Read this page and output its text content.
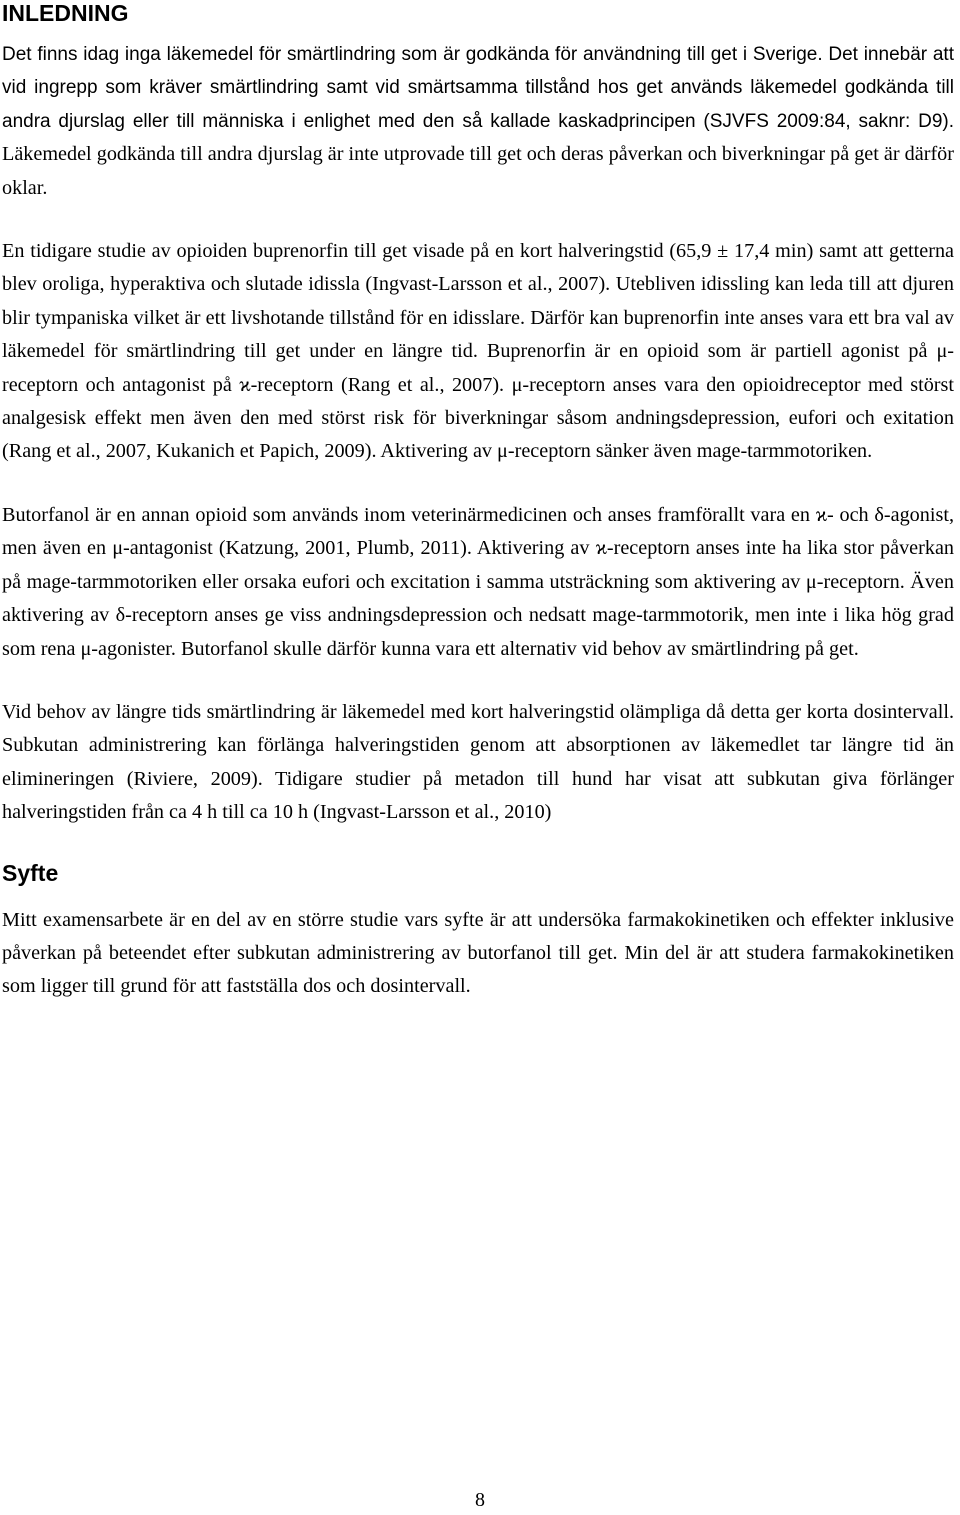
INLEDNING

Det finns idag inga läkemedel för smärtlindring som är godkända för användning till get i Sverige. Det innebär att vid ingrepp som kräver smärtlindring samt vid smärtsamma tillstånd hos get används läkemedel godkända till andra djurslag eller till människa i enlighet med den så kallade kaskadprincipen (SJVFS 2009:84, saknr: D9). Läkemedel godkända till andra djurslag är inte utprovade till get och deras påverkan och biverkningar på get är därför oklar.

En tidigare studie av opioiden buprenorfin till get visade på en kort halveringstid (65,9 ± 17,4 min) samt att getterna blev oroliga, hyperaktiva och slutade idissla (Ingvast-Larsson et al., 2007). Utebliven idissling kan leda till att djuren blir tympaniska vilket är ett livshotande tillstånd för en idisslare. Därför kan buprenorfin inte anses vara ett bra val av läkemedel för smärtlindring till get under en längre tid. Buprenorfin är en opioid som är partiell agonist på μ-receptorn och antagonist på ϰ-receptorn (Rang et al., 2007). μ-receptorn anses vara den opioidreceptor med störst analgesisk effekt men även den med störst risk för biverkningar såsom andningsdepression, eufori och exitation (Rang et al., 2007, Kukanich et Papich, 2009). Aktivering av μ-receptorn sänker även mage-tarmmotoriken.

Butorfanol är en annan opioid som används inom veterinärmedicinen och anses framförallt vara en ϰ- och δ-agonist, men även en μ-antagonist (Katzung, 2001, Plumb, 2011). Aktivering av ϰ-receptorn anses inte ha lika stor påverkan på mage-tarmmotoriken eller orsaka eufori och excitation i samma utsträckning som aktivering av μ-receptorn. Även aktivering av δ-receptorn anses ge viss andningsdepression och nedsatt mage-tarmmotorik, men inte i lika hög grad som rena μ-agonister. Butorfanol skulle därför kunna vara ett alternativ vid behov av smärtlindring på get.

Vid behov av längre tids smärtlindring är läkemedel med kort halveringstid olämpliga då detta ger korta dosintervall. Subkutan administrering kan förlänga halveringstiden genom att absorptionen av läkemedlet tar längre tid än elimineringen (Riviere, 2009). Tidigare studier på metadon till hund har visat att subkutan giva förlänger halveringstiden från ca 4 h till ca 10 h (Ingvast-Larsson et al., 2010)

Syfte

Mitt examensarbete är en del av en större studie vars syfte är att undersöka farmakokinetiken och effekter inklusive påverkan på beteendet efter subkutan administrering av butorfanol till get. Min del är att studera farmakokinetiken som ligger till grund för att fastställa dos och dosintervall.

8
